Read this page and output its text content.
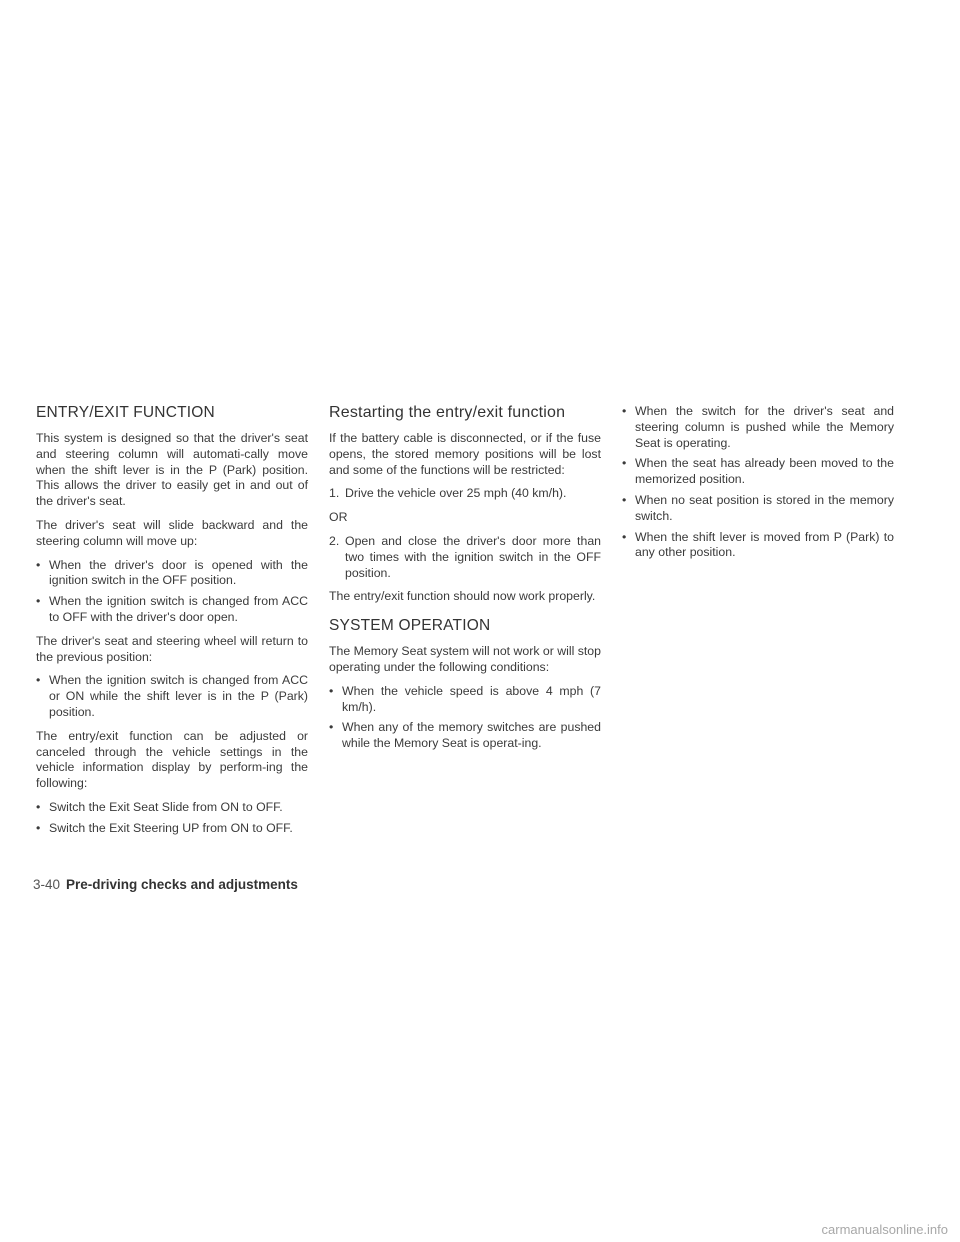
ENTRY/EXIT FUNCTION

This system is designed so that the driver's seat and steering column will automati-cally move when the shift lever is in the P (Park) position. This allows the driver to easily get in and out of the driver's seat.

The driver's seat will slide backward and the steering column will move up:

• When the driver's door is opened with the ignition switch in the OFF position.
• When the ignition switch is changed from ACC to OFF with the driver's door open.

The driver's seat and steering wheel will return to the previous position:

• When the ignition switch is changed from ACC or ON while the shift lever is in the P (Park) position.

The entry/exit function can be adjusted or canceled through the vehicle settings in the vehicle information display by perform-ing the following:

• Switch the Exit Seat Slide from ON to OFF.
• Switch the Exit Steering UP from ON to OFF.
Restarting the entry/exit function

If the battery cable is disconnected, or if the fuse opens, the stored memory positions will be lost and some of the functions will be restricted:

1. Drive the vehicle over 25 mph (40 km/h).

OR

2. Open and close the driver's door more than two times with the ignition switch in the OFF position.

The entry/exit function should now work properly.

SYSTEM OPERATION

The Memory Seat system will not work or will stop operating under the following conditions:

• When the vehicle speed is above 4 mph (7 km/h).
• When any of the memory switches are pushed while the Memory Seat is operat-ing.
• When the switch for the driver's seat and steering column is pushed while the Memory Seat is operating.
• When the seat has already been moved to the memorized position.
• When no seat position is stored in the memory switch.
• When the shift lever is moved from P (Park) to any other position.
3-40 Pre-driving checks and adjustments
carmanualsonline.info
